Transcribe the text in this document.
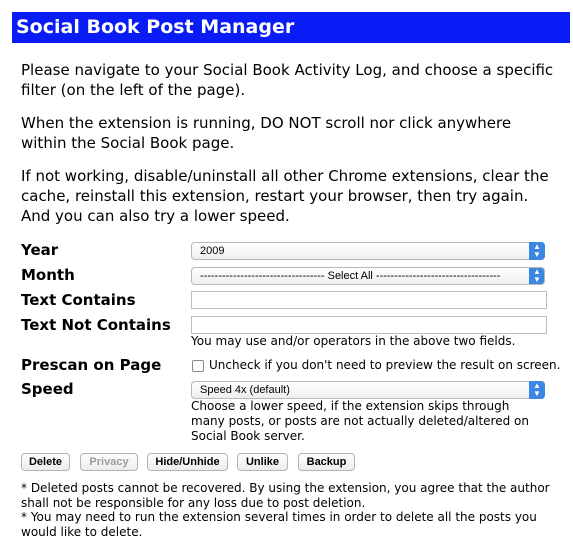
Social Book Post Manager

Please navigate to your Social Book Activity Log, and choose a specific filter (on the left of the page).

When the extension is running, DO NOT scroll nor click anywhere within the Social Book page.

If not working, disable/uninstall all other Chrome extensions, clear the cache, reinstall this extension, restart your browser, then try again. And you can also try a lower speed.

Year	2009	▲
▼
Month	---------------------------------- Select All ----------------------------------	▲
▼
Text Contains
Text Not Contains
You may use and/or operators in the above two fields.
Prescan on Page	Uncheck if you don't need to preview the result on screen.
Speed	Speed 4x (default)	▲
▼
Choose a lower speed, if the extension skips through many posts, or posts are not actually deleted/altered on Social Book server.
Delete	Privacy	Hide/Unhide	Unlike	Backup
* Deleted posts cannot be recovered. By using the extension, you agree that the author shall not be responsible for any loss due to post deletion.
* You may need to run the extension several times in order to delete all the posts you would like to delete.
